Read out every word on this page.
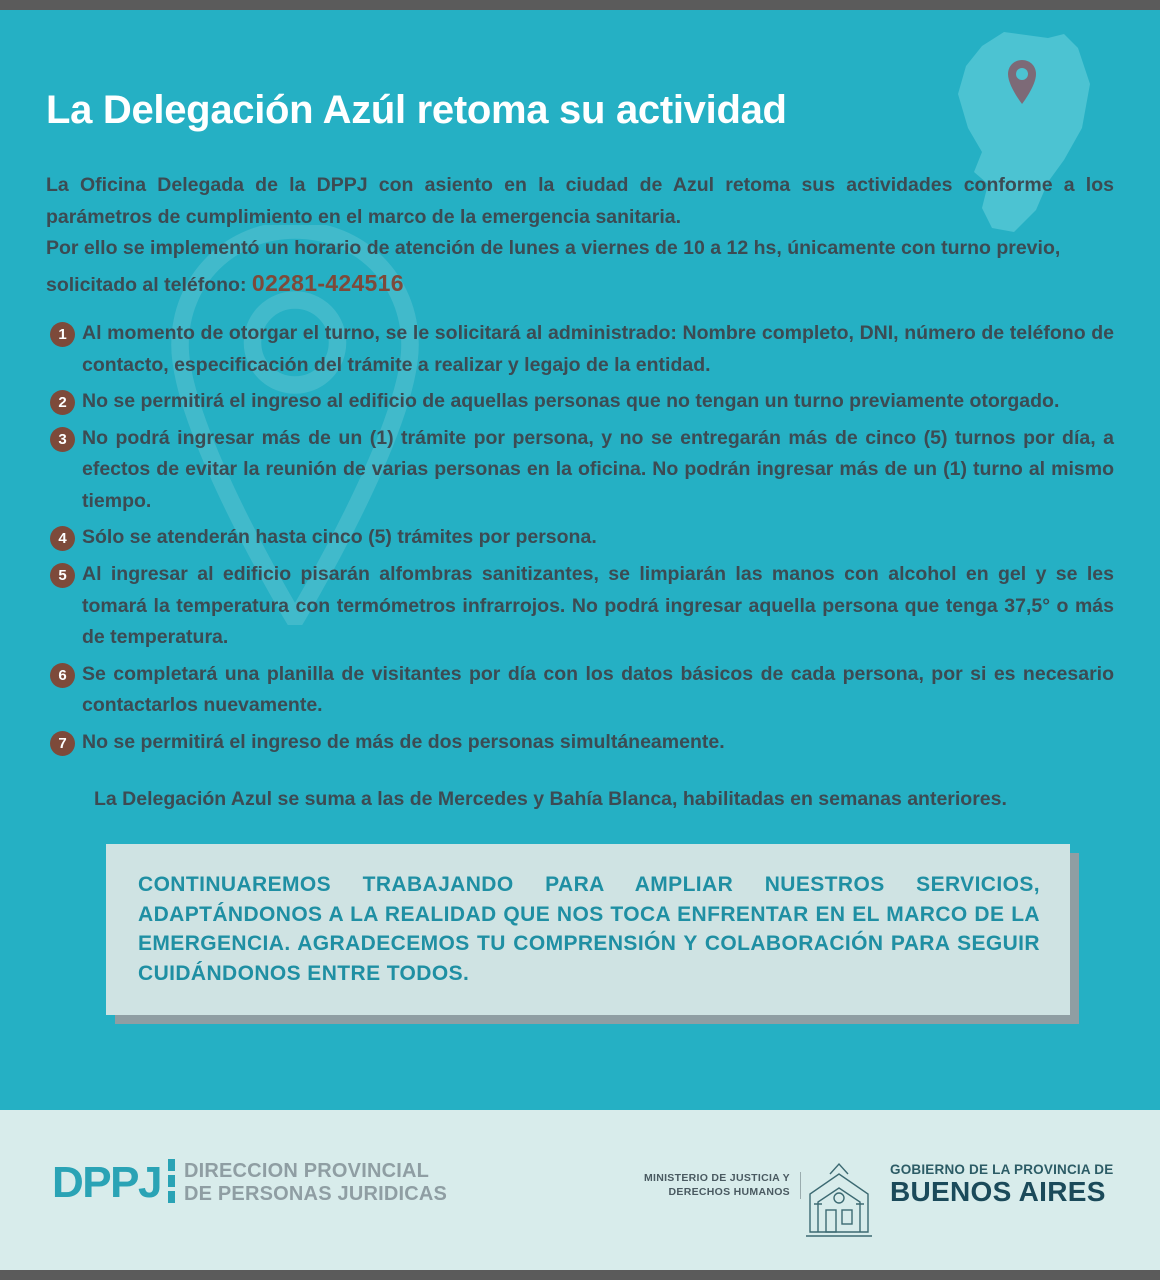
La Delegación Azúl retoma su actividad

La Oficina Delegada de la DPPJ con asiento en la ciudad de Azul retoma sus actividades conforme a los parámetros de cumplimiento en el marco de la emergencia sanitaria.

Por ello se implementó un horario de atención de lunes a viernes de 10 a 12 hs, únicamente con turno previo, solicitado al teléfono: 02281-424516

1 Al momento de otorgar el turno, se le solicitará al administrado: Nombre completo, DNI, número de teléfono de contacto, especificación del trámite a realizar y legajo de la entidad.
2 No se permitirá el ingreso al edificio de aquellas personas que no tengan un turno previamente otorgado.
3 No podrá ingresar más de un (1) trámite por persona, y no se entregarán más de cinco (5) turnos por día, a efectos de evitar la reunión de varias personas en la oficina. No podrán ingresar más de un (1) turno al mismo tiempo.
4 Sólo se atenderán hasta cinco (5) trámites por persona.
5 Al ingresar al edificio pisarán alfombras sanitizantes, se limpiarán las manos con alcohol en gel y se les tomará la temperatura con termómetros infrarrojos. No podrá ingresar aquella persona que tenga 37,5° o más de temperatura.
6 Se completará una planilla de visitantes por día con los datos básicos de cada persona, por si es necesario contactarlos nuevamente.
7 No se permitirá el ingreso de más de dos personas simultáneamente.
La Delegación Azul se suma a las de Mercedes y Bahía Blanca, habilitadas en semanas anteriores.
CONTINUAREMOS TRABAJANDO PARA AMPLIAR NUESTROS SERVICIOS, ADAPTÁNDONOS A LA REALIDAD QUE NOS TOCA ENFRENTAR EN EL MARCO DE LA EMERGENCIA. AGRADECEMOS TU COMPRENSIÓN Y COLABORACIÓN PARA SEGUIR CUIDÁNDONOS ENTRE TODOS.
DPPJ DIRECCION PROVINCIAL
DE PERSONAS JURIDICAS
MINISTERIO DE JUSTICIA Y
DERECHOS HUMANOS
GOBIERNO DE LA PROVINCIA DE
BUENOS AIRES
